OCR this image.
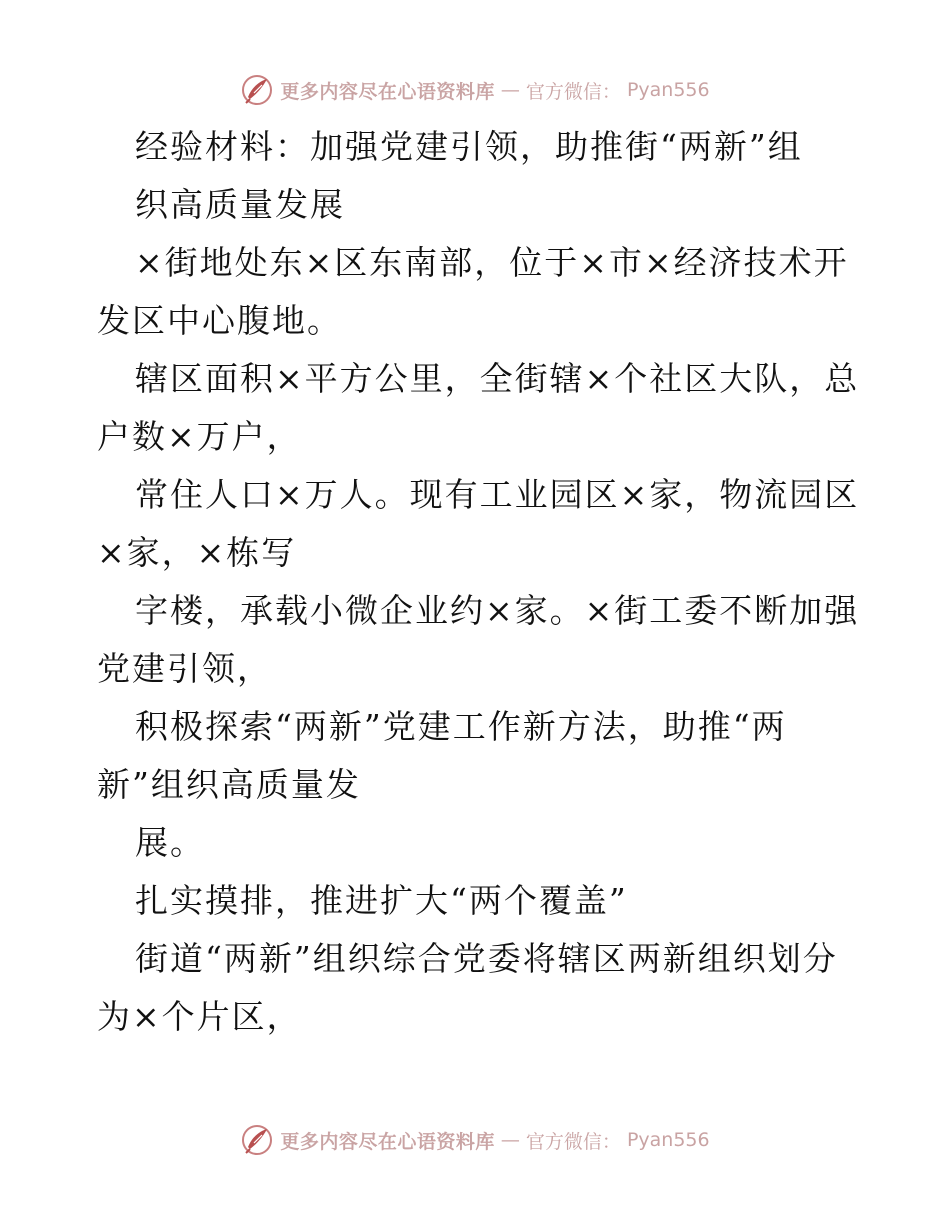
更多内容尽在心语资料库 — 官方微信： Pyan556
经验材料：加强党建引领，助推街“两新”组
织高质量发展
×街地处东×区东南部，位于×市×经济技术开
发区中心腹地。
辖区面积×平方公里，全街辖×个社区大队，总
户数×万户，
常住人口×万人。现有工业园区×家，物流园区
×家，×栋写
字楼，承载小微企业约×家。×街工委不断加强
党建引领，
积极探索“两新”党建工作新方法，助推“两
新”组织高质量发
展。
扎实摸排，推进扩大“两个覆盖”
街道“两新”组织综合党委将辖区两新组织划分
为×个片区，
更多内容尽在心语资料库 — 官方微信： Pyan556
